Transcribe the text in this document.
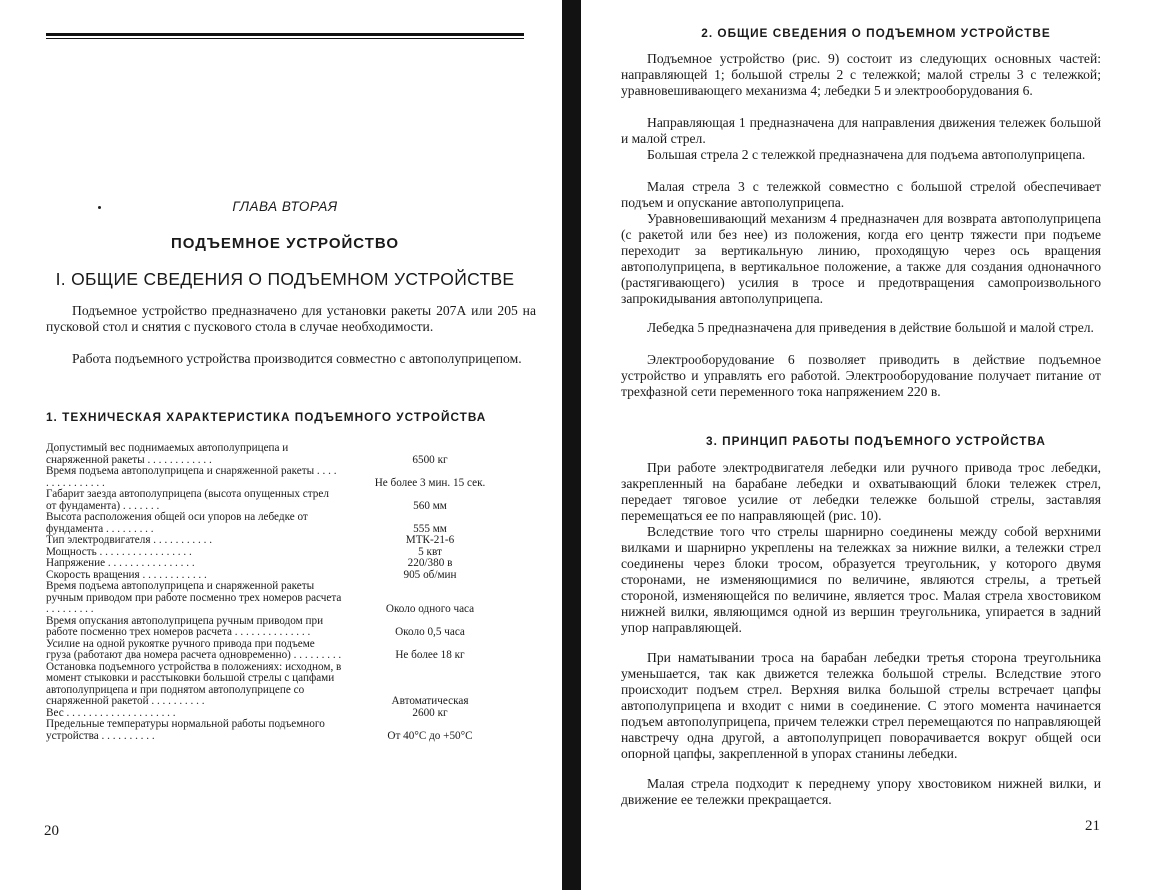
ГЛАВА ВТОРАЯ

ПОДЪЕМНОЕ УСТРОЙСТВО

I. ОБЩИЕ СВЕДЕНИЯ О ПОДЪЕМНОМ УСТРОЙСТВЕ

Подъемное устройство предназначено для установки ракеты 207А или 205 на пусковой стол и снятия с пускового стола в случае необходимости.

Работа подъемного устройства производится совместно с автополуприцепом.

1. ТЕХНИЧЕСКАЯ ХАРАКТЕРИСТИКА ПОДЪЕМНОГО УСТРОЙСТВА

Допустимый вес поднимаемых автополуприцепа и снаряженной ракеты . . . . . . . . . . . .	6500 кг
Время подъема автополуприцепа и снаряженной ракеты . . . . . . . . . . . . . . .	Не более 3 мин. 15 сек.
Габарит заезда автополуприцепа (высота опущенных стрел от фундамента) . . . . . . .	560 мм
Высота расположения общей оси упоров на лебедке от фундамента . . . . . . . . .	555 мм
Тип электродвигателя . . . . . . . . . . .	МТК-21-6
Мощность . . . . . . . . . . . . . . . . .	5 квт
Напряжение . . . . . . . . . . . . . . . .	220/380 в
Скорость вращения . . . . . . . . . . . .	905 об/мин
Время подъема автополуприцепа и снаряженной ракеты ручным приводом при работе посменно трех номеров расчета . . . . . . . . .	Около одного часа
Время опускания автополуприцепа ручным приводом при работе посменно трех номеров расчета . . . . . . . . . . . . . .	Около 0,5 часа
Усилие на одной рукоятке ручного привода при подъеме груза (работают два номера расчета одновременно) . . . . . . . . .	Не более 18 кг
Остановка подъемного устройства в положениях: исходном, в момент стыковки и расстыковки большой стрелы с цапфами автополуприцепа и при поднятом автополуприцепе со снаряженной ракетой . . . . . . . . . .	Автоматическая
Вес . . . . . . . . . . . . . . . . . . . .	2600 кг
Предельные температуры нормальной работы подъемного устройства . . . . . . . . . .	От 40°С до +50°С

20

2. ОБЩИЕ СВЕДЕНИЯ О ПОДЪЕМНОМ УСТРОЙСТВЕ

Подъемное устройство (рис. 9) состоит из следующих основных частей: направляющей 1; большой стрелы 2 с тележкой; малой стрелы 3 с тележкой; уравновешивающего механизма 4; лебедки 5 и электрооборудования 6.

Направляющая 1 предназначена для направления движения тележек большой и малой стрел.

Большая стрела 2 с тележкой предназначена для подъема автополуприцепа.

Малая стрела 3 с тележкой совместно с большой стрелой обеспечивает подъем и опускание автополуприцепа.

Уравновешивающий механизм 4 предназначен для возврата автополуприцепа (с ракетой или без нее) из положения, когда его центр тяжести при подъеме переходит за вертикальную линию, проходящую через ось вращения автополуприцепа, в вертикальное положение, а также для создания одноначного (растягивающего) усилия в тросе и предотвращения самопроизвольного запрокидывания автополуприцепа.

Лебедка 5 предназначена для приведения в действие большой и малой стрел.

Электрооборудование 6 позволяет приводить в действие подъемное устройство и управлять его работой. Электрооборудование получает питание от трехфазной сети переменного тока напряжением 220 в.

3. ПРИНЦИП РАБОТЫ ПОДЪЕМНОГО УСТРОЙСТВА

При работе электродвигателя лебедки или ручного привода трос лебедки, закрепленный на барабане лебедки и охватывающий блоки тележек стрел, передает тяговое усилие от лебедки тележке большой стрелы, заставляя перемещаться ее по направляющей (рис. 10).

Вследствие того что стрелы шарнирно соединены между собой верхними вилками и шарнирно укреплены на тележках за нижние вилки, а тележки стрел соединены через блоки тросом, образуется треугольник, у которого двумя сторонами, не изменяющимися по величине, являются стрелы, а третьей стороной, изменяющейся по величине, является трос. Малая стрела хвостовиком нижней вилки, являющимся одной из вершин треугольника, упирается в задний упор направляющей.

При наматывании троса на барабан лебедки третья сторона треугольника уменьшается, так как движется тележка большой стрелы. Вследствие этого происходит подъем стрел. Верхняя вилка большой стрелы встречает цапфы автополуприцепа и входит с ними в соединение. С этого момента начинается подъем автополуприцепа, причем тележки стрел перемещаются по направляющей навстречу одна другой, а автополуприцеп поворачивается вокруг общей оси опорной цапфы, закрепленной в упорах станины лебедки.

Малая стрела подходит к переднему упору хвостовиком нижней вилки, и движение ее тележки прекращается.

21
